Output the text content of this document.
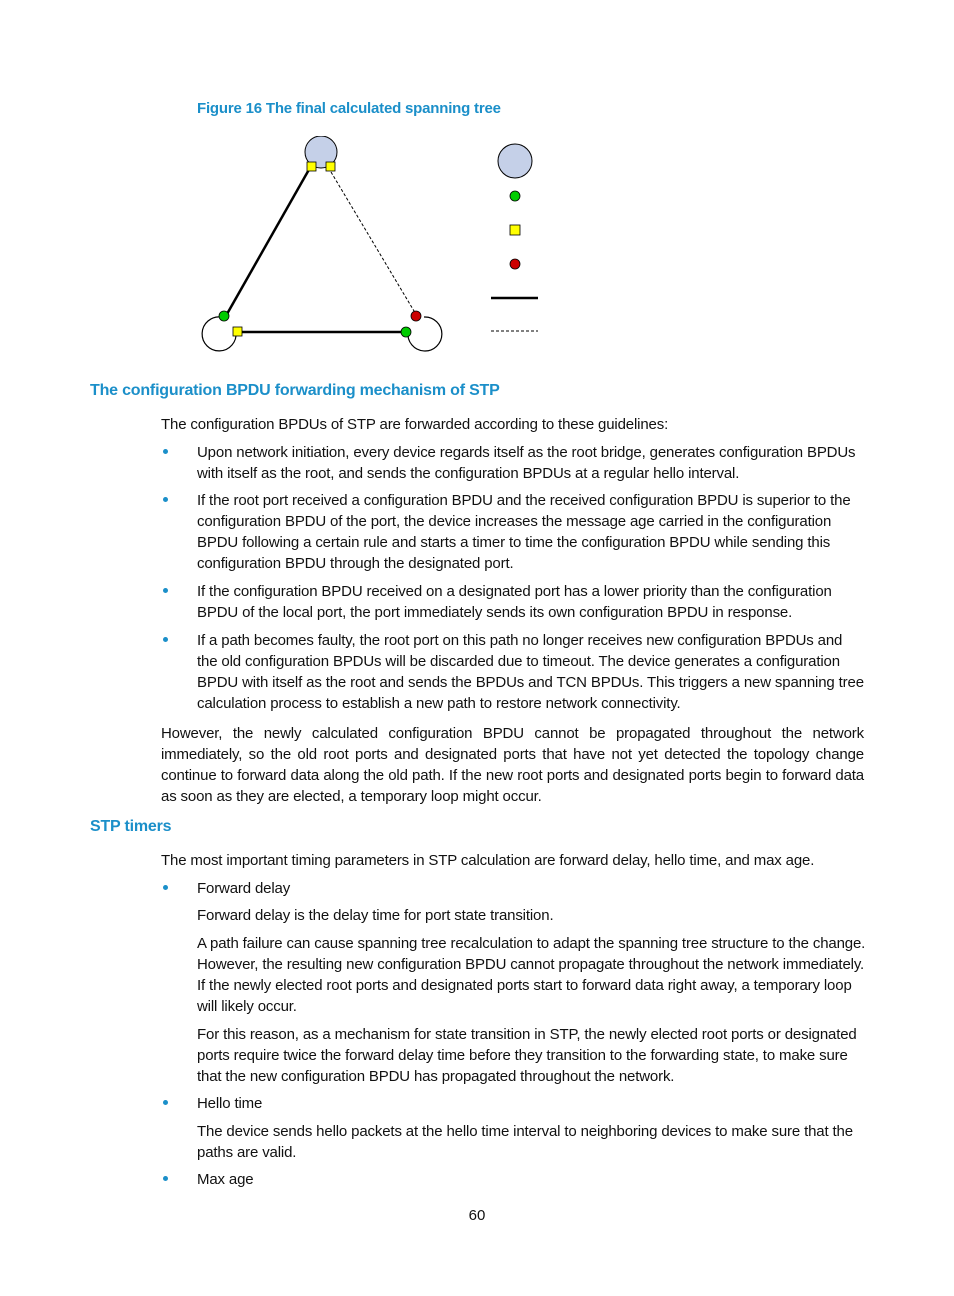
Figure 16 The final calculated spanning tree
The configuration BPDU forwarding mechanism of STP

The configuration BPDUs of STP are forwarded according to these guidelines:

Upon network initiation, every device regards itself as the root bridge, generates configuration BPDUs with itself as the root, and sends the configuration BPDUs at a regular hello interval.

If the root port received a configuration BPDU and the received configuration BPDU is superior to the configuration BPDU of the port, the device increases the message age carried in the configuration BPDU following a certain rule and starts a timer to time the configuration BPDU while sending this configuration BPDU through the designated port.

If the configuration BPDU received on a designated port has a lower priority than the configuration BPDU of the local port, the port immediately sends its own configuration BPDU in response.

If a path becomes faulty, the root port on this path no longer receives new configuration BPDUs and the old configuration BPDUs will be discarded due to timeout. The device generates a configuration BPDU with itself as the root and sends the BPDUs and TCN BPDUs. This triggers a new spanning tree calculation process to establish a new path to restore network connectivity.

However, the newly calculated configuration BPDU cannot be propagated throughout the network immediately, so the old root ports and designated ports that have not yet detected the topology change continue to forward data along the old path. If the new root ports and designated ports begin to forward data as soon as they are elected, a temporary loop might occur.

STP timers

The most important timing parameters in STP calculation are forward delay, hello time, and max age.

Forward delay

Forward delay is the delay time for port state transition.

A path failure can cause spanning tree recalculation to adapt the spanning tree structure to the change. However, the resulting new configuration BPDU cannot propagate throughout the network immediately. If the newly elected root ports and designated ports start to forward data right away, a temporary loop will likely occur.

For this reason, as a mechanism for state transition in STP, the newly elected root ports or designated ports require twice the forward delay time before they transition to the forwarding state, to make sure that the new configuration BPDU has propagated throughout the network.

Hello time

The device sends hello packets at the hello time interval to neighboring devices to make sure that the paths are valid.

Max age

60
